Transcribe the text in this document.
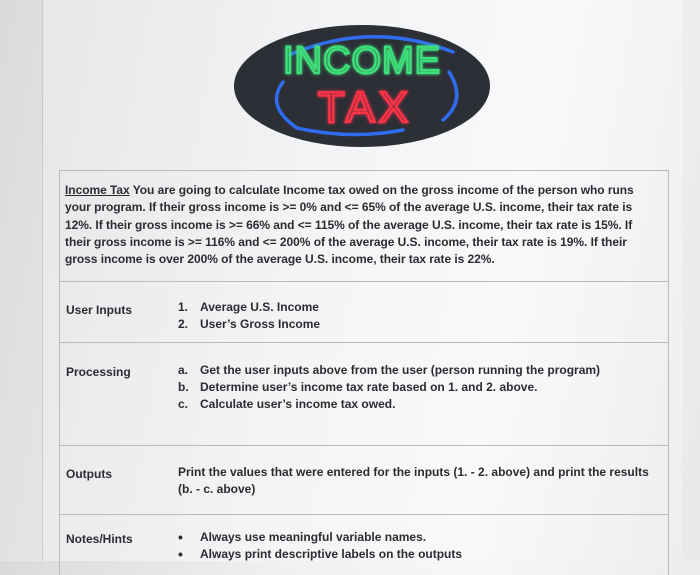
INCOME
TAX
Income Tax You are going to calculate Income tax owed on the gross income of the person who runs
your program. If their gross income is >= 0% and <= 65% of the average U.S. income, their tax rate is
12%. If their gross income is >= 66% and <= 115% of the average U.S. income, their tax rate is 15%. If
their gross income is >= 116% and <= 200% of the average U.S. income, their tax rate is 19%. If their
gross income is over 200% of the average U.S. income, their tax rate is 22%.
User Inputs	1. Average U.S. Income
2. User’s Gross Income
Processing	a. Get the user inputs above from the user (person running the program)
b. Determine user’s income tax rate based on 1. and 2. above.
c. Calculate user’s income tax owed.
Outputs	Print the values that were entered for the inputs (1. - 2. above) and print the results (b. - c. above)
Notes/Hints	•	Always use meaningful variable names.
•	Always print descriptive labels on the outputs
